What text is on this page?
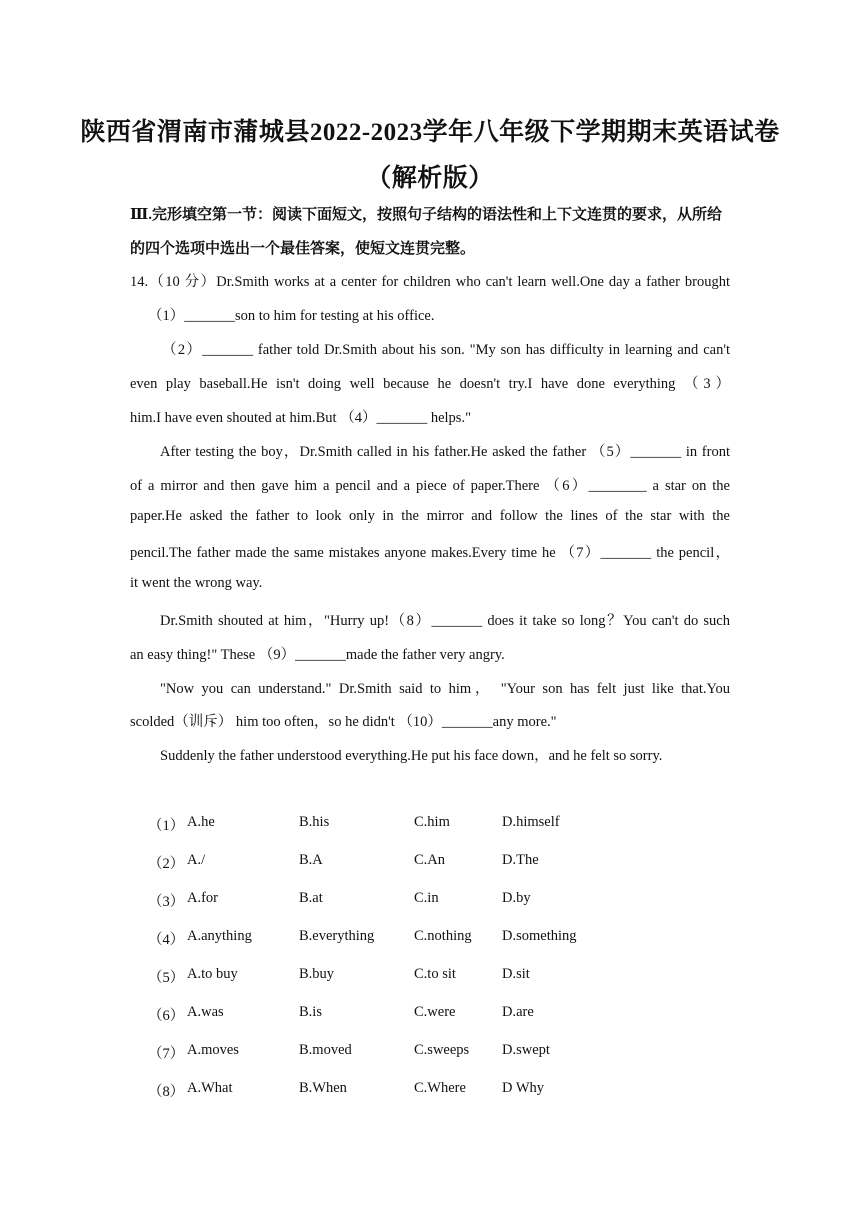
陕西省渭南市蒲城县2022-2023学年八年级下学期期末英语试卷
（解析版）
Ⅲ.完形填空第一节：阅读下面短文，按照句子结构的语法性和上下文连贯的要求，从所给
的四个选项中选出一个最佳答案，使短文连贯完整。
14.（10 分）Dr.Smith works at a center for children who can't learn well.One day a father brought
（1）_______son to him for testing at his office.
（2）_______ father told Dr.Smith about his son. "My son has difficulty in learning and can't
even play baseball.He isn't doing well because he doesn't try.I have done everything （3）
him.I have even shouted at him.But （4）_______ helps."
After testing the boy，Dr.Smith called in his father.He asked the father （5）_______ in front
of a mirror and then gave him a pencil and a piece of paper.There （6）________ a star on the
paper.He asked the father to look only in the mirror and follow the lines of the star with the
pencil.The father made the same mistakes anyone makes.Every time he （7）_______ the pencil，
it went the wrong way.
Dr.Smith shouted at him，"Hurry up!（8）_______ does it take so long？You can't do such
an easy thing!" These （9）_______made the father very angry.
"Now you can understand." Dr.Smith said to him， "Your son has felt just like that.You
scolded（训斥） him too often，so he didn't （10）_______any more."
Suddenly the father understood everything.He put his face down，and he felt so sorry.
（1） A.he	B.his	C.him	D.himself
（2） A./	B.A	C.An	D.The
（3） A.for	B.at	C.in	D.by
（4） A.anything	B.everything	C.nothing D.something
（5） A.to buy	B.buy	C.to sit	D.sit
（6） A.was	B.is	C.were	D.are
（7） A.moves	B.moved	C.sweeps D.swept
（8） A.What	B.When	C.Where D Why
